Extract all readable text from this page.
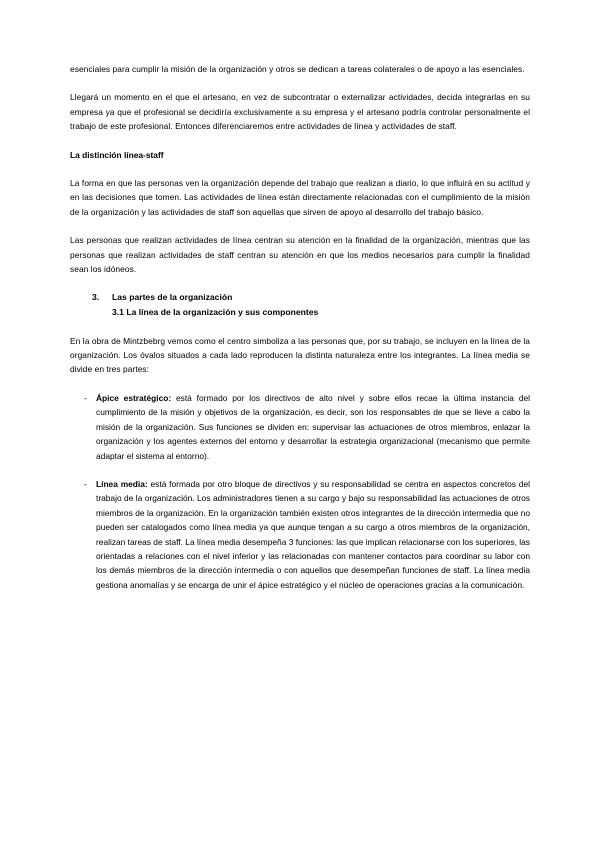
esenciales para cumplir la misión de la organización y otros se dedican a tareas colaterales o de apoyo a las esenciales.

Llegará un momento en el que el artesano, en vez de subcontratar o externalizar actividades, decida integrarlas en su empresa ya que el profesional se decidiría exclusivamente a su empresa y el artesano podría controlar personalmente el trabajo de este profesional. Entonces diferenciaremos entre actividades de línea y actividades de staff.

La distinción línea-staff

La forma en que las personas ven la organización depende del trabajo que realizan a diario, lo que influirá en su actitud y en las decisiones que tomen. Las actividades de línea están directamente relacionadas con el cumplimiento de la misión de la organización y las actividades de staff son aquellas que sirven de apoyo al desarrollo del trabajo básico.

Las personas que realizan actividades de línea centran su atención en la finalidad de la organización, mientras que las personas que realizan actividades de staff centran su atención en que los medios necesarios para cumplir la finalidad sean los idóneos.

3.	Las partes de la organización
3.1 La línea de la organización y sus componentes

En la obra de Mintzbebrg vemos como el centro simboliza a las personas que, por su trabajo, se incluyen en la línea de la organización. Los óvalos situados a cada lado reproducen la distinta naturaleza entre los integrantes. La línea media se divide en tres partes:

-	Ápice estratégico: está formado por los directivos de alto nivel y sobre ellos recae la última instancia del cumplimiento de la misión y objetivos de la organización, es decir, son los responsables de que se lleve a cabo la misión de la organización. Sus funciones se dividen en: supervisar las actuaciones de otros miembros, enlazar la organización y los agentes externos del entorno y desarrollar la estrategia organizacional (mecanismo que permite adaptar el sistema al entorno).
-	Línea media: está formada por otro bloque de directivos y su responsabilidad se centra en aspectos concretos del trabajo de la organización. Los administradores tienen a su cargo y bajo su responsabilidad las actuaciones de otros miembros de la organización. En la organización también existen otros integrantes de la dirección intermedia que no pueden ser catalogados como línea media ya que aunque tengan a su cargo a otros miembros de la organización, realizan tareas de staff. La línea media desempeña 3 funciones: las que implican relacionarse con los superiores, las orientadas a relaciones con el nivel inferior y las relacionadas con mantener contactos para coordinar su labor con los demás miembros de la dirección intermedia o con aquellos que desempeñan funciones de staff. La línea media gestiona anomalías y se encarga de unir el ápice estratégico y el núcleo de operaciones gracias a la comunicación.
